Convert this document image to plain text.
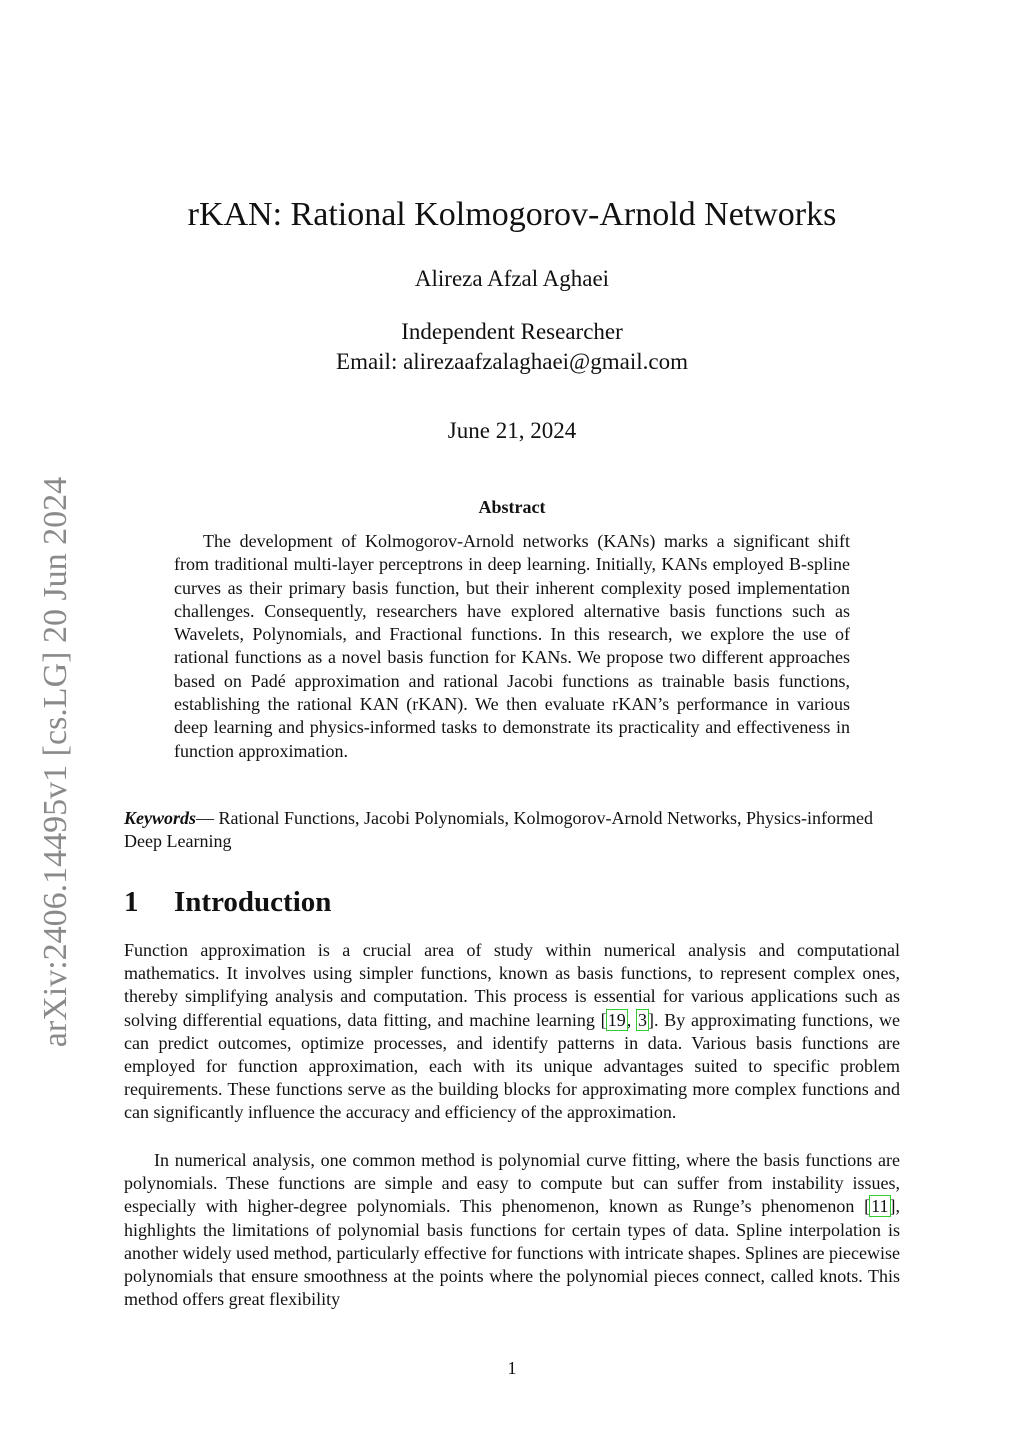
arXiv:2406.14495v1 [cs.LG] 20 Jun 2024
rKAN: Rational Kolmogorov-Arnold Networks
Alireza Afzal Aghaei
Independent Researcher
Email: alirezaafzalaghaei@gmail.com
June 21, 2024
Abstract

The development of Kolmogorov-Arnold networks (KANs) marks a significant shift from traditional multi-layer perceptrons in deep learning. Initially, KANs employed B-spline curves as their primary basis function, but their inherent complexity posed implementation challenges. Consequently, researchers have explored alternative basis functions such as Wavelets, Polynomials, and Fractional functions. In this research, we explore the use of rational functions as a novel basis function for KANs. We propose two different approaches based on Padé approximation and rational Jacobi functions as trainable basis functions, establishing the rational KAN (rKAN). We then evaluate rKAN’s performance in various deep learning and physics-informed tasks to demonstrate its practicality and effectiveness in function approximation.

Keywords— Rational Functions, Jacobi Polynomials, Kolmogorov-Arnold Networks, Physics-informed Deep Learning

1 Introduction

Function approximation is a crucial area of study within numerical analysis and computational mathematics. It involves using simpler functions, known as basis functions, to represent complex ones, thereby simplifying analysis and computation. This process is essential for various applications such as solving differential equations, data fitting, and machine learning [19, 3]. By approximating functions, we can predict outcomes, optimize processes, and identify patterns in data. Various basis functions are employed for function approximation, each with its unique advantages suited to specific problem requirements. These functions serve as the building blocks for approximating more complex functions and can significantly influence the accuracy and efficiency of the approximation.

In numerical analysis, one common method is polynomial curve fitting, where the basis functions are polynomials. These functions are simple and easy to compute but can suffer from instability issues, especially with higher-degree polynomials. This phenomenon, known as Runge’s phenomenon [11], highlights the limitations of polynomial basis functions for certain types of data. Spline interpolation is another widely used method, particularly effective for functions with intricate shapes. Splines are piecewise polynomials that ensure smoothness at the points where the polynomial pieces connect, called knots. This method offers great flexibility

1
